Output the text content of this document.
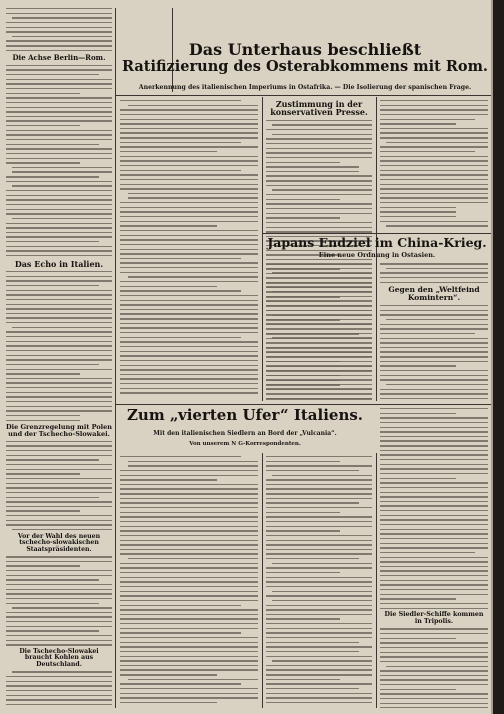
Das Unterhaus beschließt
Ratifizierung des Osterabkommens mit Rom.
Anerkennung des italienischen Imperiums in Ostafrika. — Die Isolierung der spanischen Frage.
Die Achse Berlin—Rom.
Das Echo in Italien.
Die Grenzregelung mit Polen und der Tschecho-Slowakei.
Vor der Wahl des neuen tschecho-slowakischen Staatspräsidenten.
Die Tschecho-Slowakei braucht Kohlen aus Deutschland.
Zustimmung in der konservativen Presse.
Japans Endziel im China-Krieg.
Eine neue Ordnung in Ostasien.
Gegen den „Weltfeind Komintern“.
Zum „vierten Ufer“ Italiens.
Mit den italienischen Siedlern an Bord der „Vulcania“.
Von unserem N G-Korrespondenten.
Die Siedler-Schiffe kommen in Tripolis.
